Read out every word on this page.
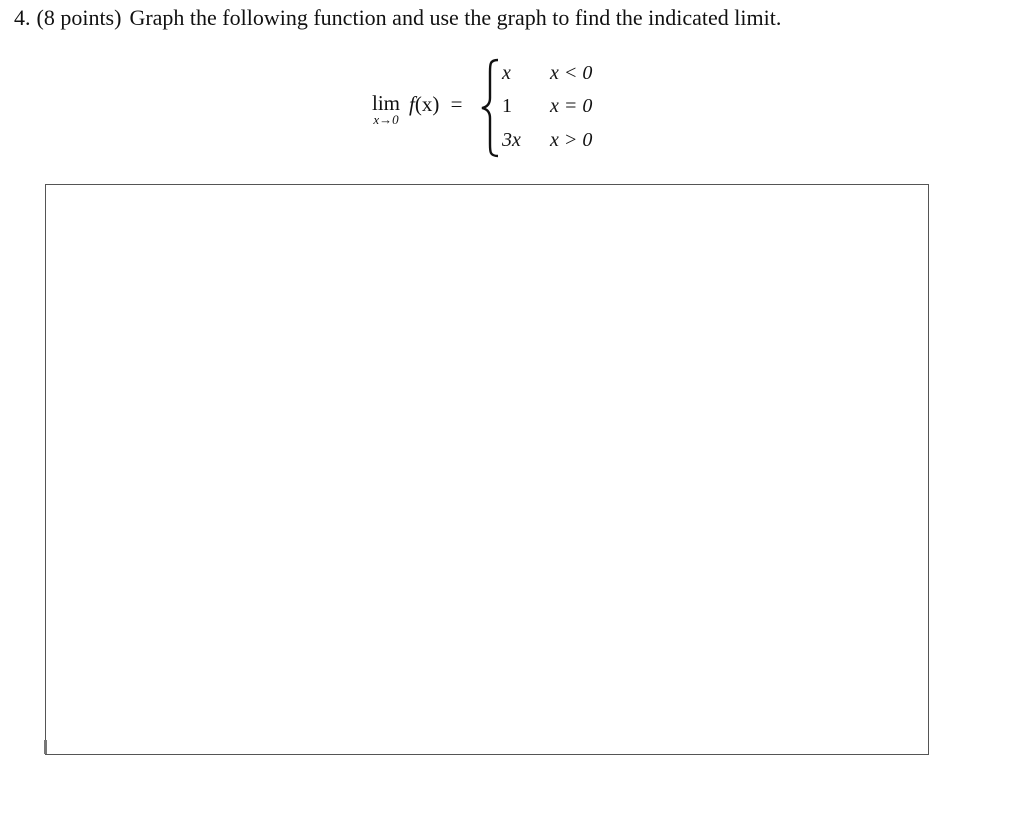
4. (8 points) Graph the following function and use the graph to find the indicated limit.
lim
x→0
f(x) =
x x < 0
1 x = 0
3x x > 0
